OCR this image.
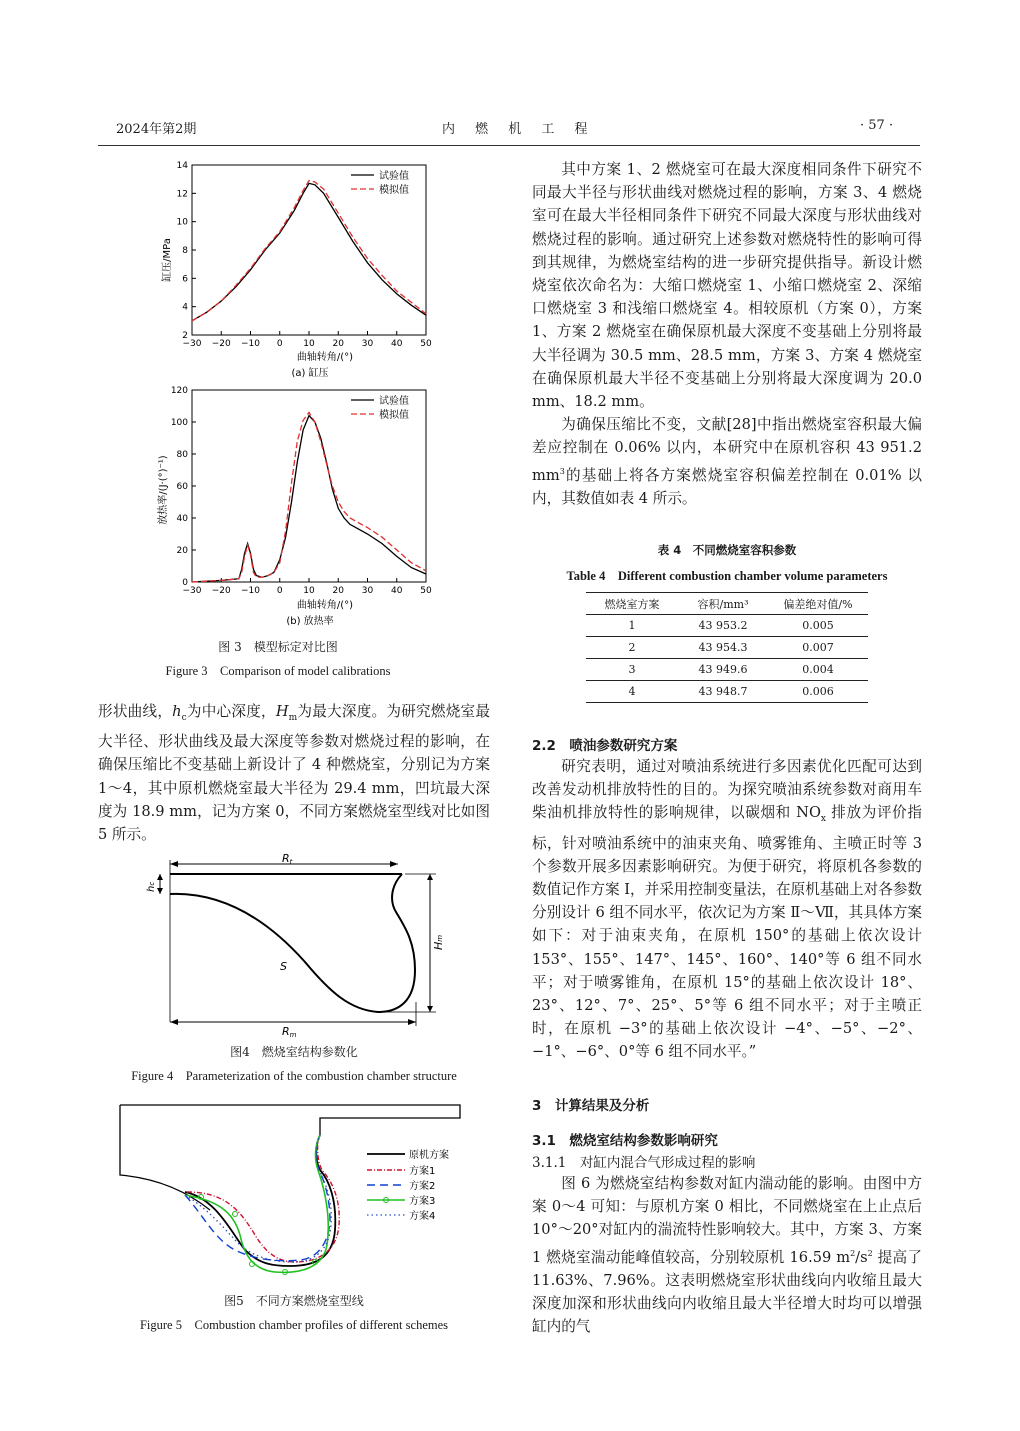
2024年第2期	内 燃 机 工 程	· 57 ·
−30 −20 −10 0 10 20 30 40 50
2
4
6
8
10
12
14
试验值
模拟值
缸压/MPa
曲轴转角/(°)
(a) 缸压
−30 −20 −10 0 10 20 30 40 50
0
20
40
60
80
100
120
试验值
模拟值
放热率/(J·(°)⁻¹)
曲轴转角/(°)
(b) 放热率
图 3　模型标定对比图
Figure 3　Comparison of model calibrations

形状曲线，$h_c$为中心深度，$H_m$为最大深度。为研究燃烧室最大半径、形状曲线及最大深度等参数对燃烧过程的影响，在确保压缩比不变基础上新设计了 4 种燃烧室，分别记为方案 1～4，其中原机燃烧室最大半径为 29.4 mm，凹坑最大深度为 18.9 mm，记为方案 0，不同方案燃烧室型线对比如图 5 所示。

Rt
hc
S
Hm
Rm
图4　燃烧室结构参数化
Figure 4　Parameterization of the combustion chamber structure
原机方案
方案1
方案2
方案3
方案4
图5　不同方案燃烧室型线
Figure 5　Combustion chamber profiles of different schemes

其中方案 1、2 燃烧室可在最大深度相同条件下研究不同最大半径与形状曲线对燃烧过程的影响，方案 3、4 燃烧室可在最大半径相同条件下研究不同最大深度与形状曲线对燃烧过程的影响。通过研究上述参数对燃烧特性的影响可得到其规律，为燃烧室结构的进一步研究提供指导。新设计燃烧室依次命名为：大缩口燃烧室 1、小缩口燃烧室 2、深缩口燃烧室 3 和浅缩口燃烧室 4。相较原机（方案 0），方案 1、方案 2 燃烧室在确保原机最大深度不变基础上分别将最大半径调为 30.5 mm、28.5 mm，方案 3、方案 4 燃烧室在确保原机最大半径不变基础上分别将最大深度调为 20.0 mm、18.2 mm。

为确保压缩比不变，文献[28]中指出燃烧室容积最大偏差应控制在 0.06% 以内，本研究中在原机容积 43 951.2 $mm^3$的基础上将各方案燃烧室容积偏差控制在 0.01% 以内，其数值如表 4 所示。

表 4　不同燃烧室容积参数
Table 4　Different combustion chamber volume parameters
燃烧室方案	容积/mm³	偏差绝对值/%
1	43 953.2	0.005
2	43 954.3	0.007
3	43 949.6	0.004
4	43 948.7	0.006
2.2　喷油参数研究方案

研究表明，通过对喷油系统进行多因素优化匹配可达到改善发动机排放特性的目的。为探究喷油系统参数对商用车柴油机排放特性的影响规律，以碳烟和 $NO_x$ 排放为评价指标，针对喷油系统中的油束夹角、喷雾锥角、主喷正时等 3 个参数开展多因素影响研究。为便于研究，将原机各参数的数值记作方案 Ⅰ，并采用控制变量法，在原机基础上对各参数分别设计 6 组不同水平，依次记为方案 Ⅱ～Ⅶ，其具体方案如下：对于油束夹角，在原机 150°的基础上依次设计 153°、155°、147°、145°、160°、140°等 6 组不同水平；对于喷雾锥角，在原机 15°的基础上依次设计 18°、23°、12°、7°、25°、5°等 6 组不同水平；对于主喷正时，在原机 −3°的基础上依次设计 −4°、−5°、−2°、−1°、−6°、0°等 6 组不同水平。”

3　计算结果及分析
3.1　燃烧室结构参数影响研究
3.1.1　对缸内混合气形成过程的影响

图 6 为燃烧室结构参数对缸内湍动能的影响。由图中方案 0～4 可知：与原机方案 0 相比，不同燃烧室在上止点后 10°～20°对缸内的湍流特性影响较大。其中，方案 3、方案 1 燃烧室湍动能峰值较高，分别较原机 16.59 $m^2/s^2$ 提高了 11.63%、7.96%。这表明燃烧室形状曲线向内收缩且最大深度加深和形状曲线向内收缩且最大半径增大时均可以增强缸内的气
